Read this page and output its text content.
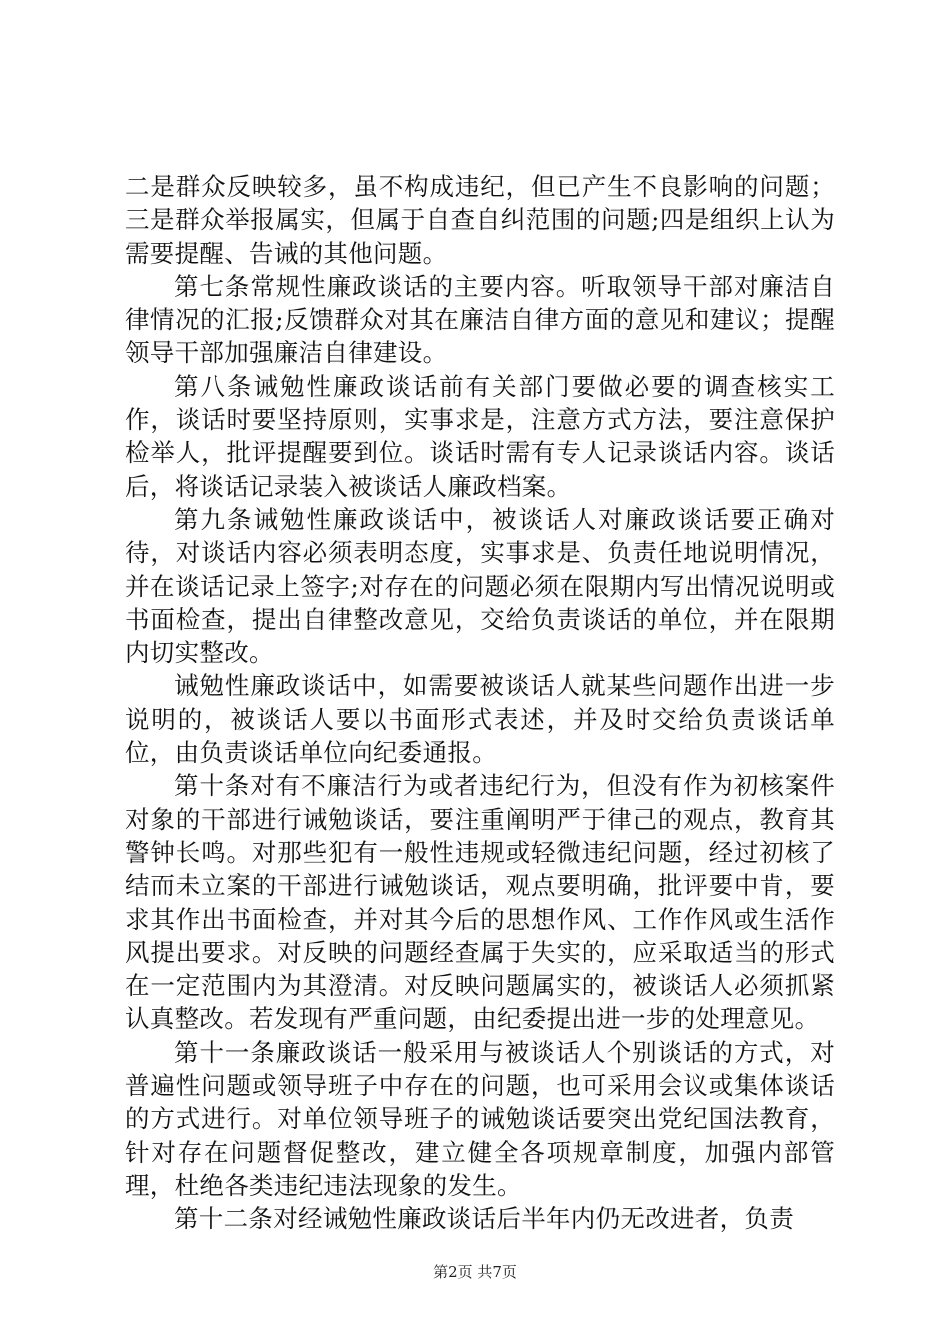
二是群众反映较多，虽不构成违纪，但已产生不良影响的问题；三是群众举报属实，但属于自查自纠范围的问题;四是组织上认为需要提醒、告诫的其他问题。

第七条常规性廉政谈话的主要内容。听取领导干部对廉洁自律情况的汇报;反馈群众对其在廉洁自律方面的意见和建议；提醒领导干部加强廉洁自律建设。

第八条诫勉性廉政谈话前有关部门要做必要的调查核实工作，谈话时要坚持原则，实事求是，注意方式方法，要注意保护检举人，批评提醒要到位。谈话时需有专人记录谈话内容。谈话后，将谈话记录装入被谈话人廉政档案。

第九条诫勉性廉政谈话中，被谈话人对廉政谈话要正确对待，对谈话内容必须表明态度，实事求是、负责任地说明情况，并在谈话记录上签字;对存在的问题必须在限期内写出情况说明或书面检查，提出自律整改意见，交给负责谈话的单位，并在限期内切实整改。

诫勉性廉政谈话中，如需要被谈话人就某些问题作出进一步说明的，被谈话人要以书面形式表述，并及时交给负责谈话单位，由负责谈话单位向纪委通报。

第十条对有不廉洁行为或者违纪行为，但没有作为初核案件对象的干部进行诫勉谈话，要注重阐明严于律己的观点，教育其警钟长鸣。对那些犯有一般性违规或轻微违纪问题，经过初核了结而未立案的干部进行诫勉谈话，观点要明确，批评要中肯，要求其作出书面检查，并对其今后的思想作风、工作作风或生活作风提出要求。对反映的问题经查属于失实的，应采取适当的形式在一定范围内为其澄清。对反映问题属实的，被谈话人必须抓紧认真整改。若发现有严重问题，由纪委提出进一步的处理意见。

第十一条廉政谈话一般采用与被谈话人个别谈话的方式，对普遍性问题或领导班子中存在的问题，也可采用会议或集体谈话的方式进行。对单位领导班子的诫勉谈话要突出党纪国法教育，针对存在问题督促整改，建立健全各项规章制度，加强内部管理，杜绝各类违纪违法现象的发生。

第十二条对经诫勉性廉政谈话后半年内仍无改进者，负责

第2页 共7页
